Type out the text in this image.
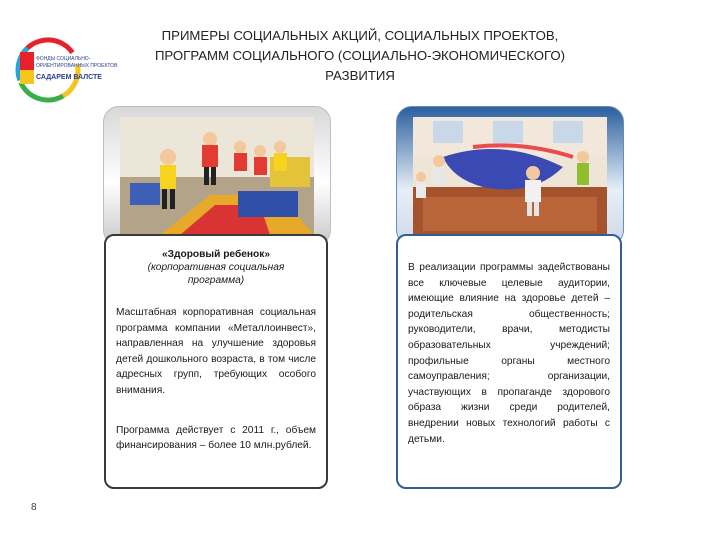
ФОНДЫ СОЦИАЛЬНО-
ОРИЕНТИРОВАННЫХ ПРОЕКТОВ
САДАРЕМ ВАЛСТЕ
ПРИМЕРЫ СОЦИАЛЬНЫХ АКЦИЙ, СОЦИАЛЬНЫХ ПРОЕКТОВ,
ПРОГРАММ СОЦИАЛЬНОГО (СОЦИАЛЬНО-ЭКОНОМИЧЕСКОГО)
РАЗВИТИЯ

«Здоровый ребенок»

(корпоративная социальная программа)

Масштабная корпоративная социальная программа компании «Металлоинвест», направленная на улучшение здоровья детей дошкольного возраста, в том числе адресных групп, требующих особого внимания.

Программа действует с 2011 г., объем финансирования – более 10 млн.рублей.

В реализации программы задействованы все ключевые целевые аудитории, имеющие влияние на здоровье детей – родительская общественность; руководители, врачи, методисты образовательных учреждений; профильные органы местного самоуправления; организации, участвующих в пропаганде здорового образа жизни среди родителей, внедрении новых технологий работы с детьми.

8
